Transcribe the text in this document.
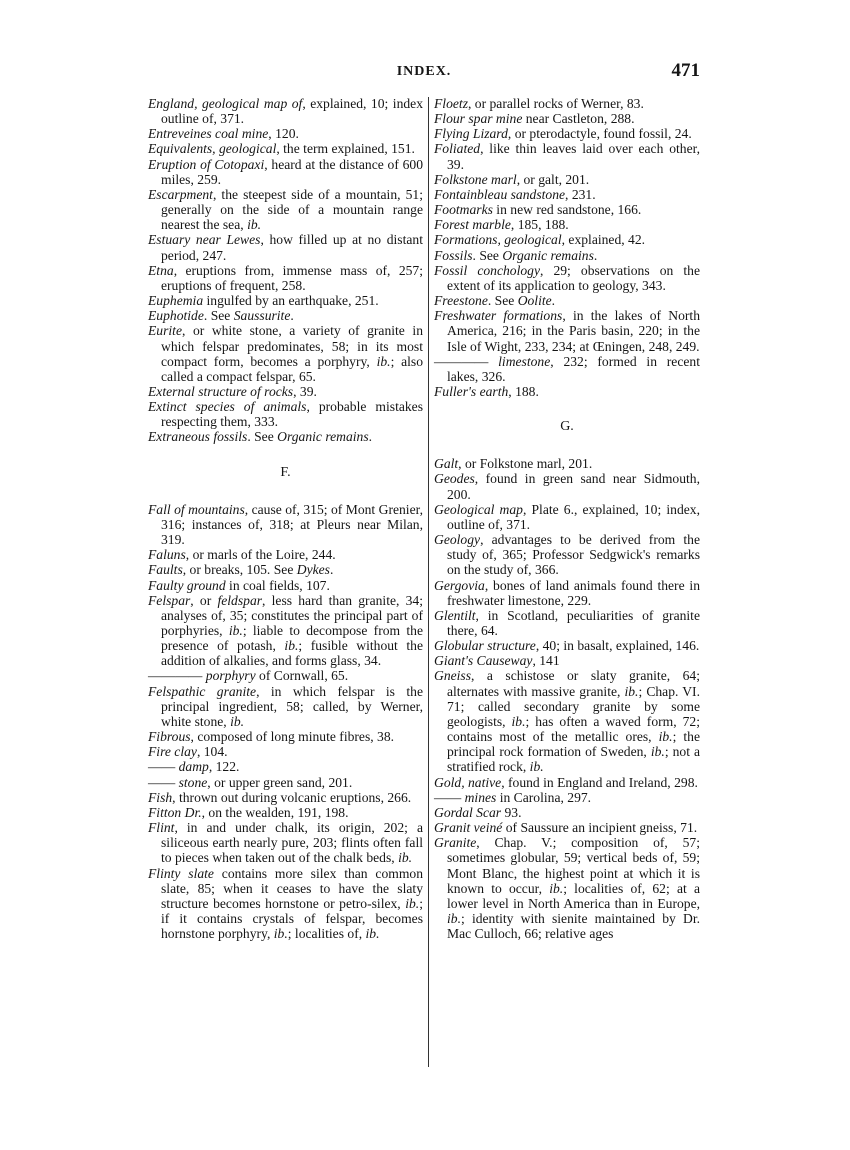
INDEX.	471

England, geological map of, explained, 10; index outline of, 371.

Entreveines coal mine, 120.

Equivalents, geological, the term explained, 151.

Eruption of Cotopaxi, heard at the distance of 600 miles, 259.

Escarpment, the steepest side of a mountain, 51; generally on the side of a mountain range nearest the sea, ib.

Estuary near Lewes, how filled up at no distant period, 247.

Etna, eruptions from, immense mass of, 257; eruptions of frequent, 258.

Euphemia ingulfed by an earthquake, 251.

Euphotide. See Saussurite.

Eurite, or white stone, a variety of granite in which felspar predominates, 58; in its most compact form, becomes a porphyry, ib.; also called a compact felspar, 65.

External structure of rocks, 39.

Extinct species of animals, probable mistakes respecting them, 333.

Extraneous fossils. See Organic remains.

F.

Fall of mountains, cause of, 315; of Mont Grenier, 316; instances of, 318; at Pleurs near Milan, 319.

Faluns, or marls of the Loire, 244.

Faults, or breaks, 105. See Dykes.

Faulty ground in coal fields, 107.

Felspar, or feldspar, less hard than granite, 34; analyses of, 35; constitutes the principal part of porphyries, ib.; liable to decompose from the presence of potash, ib.; fusible without the addition of alkalies, and forms glass, 34.

———— porphyry of Cornwall, 65.

Felspathic granite, in which felspar is the principal ingredient, 58; called, by Werner, white stone, ib.

Fibrous, composed of long minute fibres, 38.

Fire clay, 104.

—— damp, 122.

—— stone, or upper green sand, 201.

Fish, thrown out during volcanic eruptions, 266.

Fitton Dr., on the wealden, 191, 198.

Flint, in and under chalk, its origin, 202; a siliceous earth nearly pure, 203; flints often fall to pieces when taken out of the chalk beds, ib.

Flinty slate contains more silex than common slate, 85; when it ceases to have the slaty structure becomes hornstone or petro-silex, ib.; if it contains crystals of felspar, becomes hornstone porphyry, ib.; localities of, ib.

Floetz, or parallel rocks of Werner, 83.

Flour spar mine near Castleton, 288.

Flying Lizard, or pterodactyle, found fossil, 24.

Foliated, like thin leaves laid over each other, 39.

Folkstone marl, or galt, 201.

Fontainbleau sandstone, 231.

Footmarks in new red sandstone, 166.

Forest marble, 185, 188.

Formations, geological, explained, 42.

Fossils. See Organic remains.

Fossil conchology, 29; observations on the extent of its application to geology, 343.

Freestone. See Oolite.

Freshwater formations, in the lakes of North America, 216; in the Paris basin, 220; in the Isle of Wight, 233, 234; at Œningen, 248, 249.

———— limestone, 232; formed in recent lakes, 326.

Fuller's earth, 188.

G.

Galt, or Folkstone marl, 201.

Geodes, found in green sand near Sidmouth, 200.

Geological map, Plate 6., explained, 10; index, outline of, 371.

Geology, advantages to be derived from the study of, 365; Professor Sedgwick's remarks on the study of, 366.

Gergovia, bones of land animals found there in freshwater limestone, 229.

Glentilt, in Scotland, peculiarities of granite there, 64.

Globular structure, 40; in basalt, explained, 146.

Giant's Causeway, 141

Gneiss, a schistose or slaty granite, 64; alternates with massive granite, ib.; Chap. VI. 71; called secondary granite by some geologists, ib.; has often a waved form, 72; contains most of the metallic ores, ib.; the principal rock formation of Sweden, ib.; not a stratified rock, ib.

Gold, native, found in England and Ireland, 298.

—— mines in Carolina, 297.

Gordal Scar 93.

Granit veiné of Saussure an incipient gneiss, 71.

Granite, Chap. V.; composition of, 57; sometimes globular, 59; vertical beds of, 59; Mont Blanc, the highest point at which it is known to occur, ib.; localities of, 62; at a lower level in North America than in Europe, ib.; identity with sienite maintained by Dr. Mac Culloch, 66; relative ages
